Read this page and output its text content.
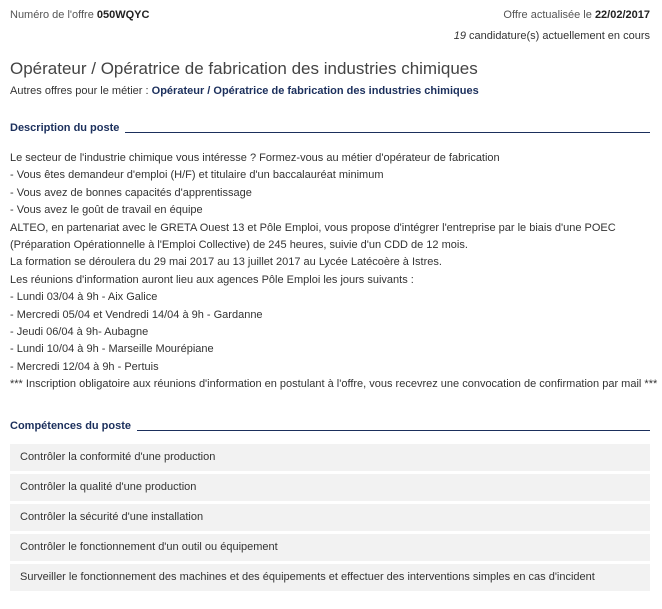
Numéro de l'offre 050WQYC	Offre actualisée le 22/02/2017
19 candidature(s) actuellement en cours
Opérateur / Opératrice de fabrication des industries chimiques
Autres offres pour le métier : Opérateur / Opératrice de fabrication des industries chimiques
Description du poste
Le secteur de l'industrie chimique vous intéresse ? Formez-vous au métier d'opérateur de fabrication
- Vous êtes demandeur d'emploi (H/F) et titulaire d'un baccalauréat minimum
- Vous avez de bonnes capacités d'apprentissage
- Vous avez le goût de travail en équipe
ALTEO, en partenariat avec le GRETA Ouest 13 et Pôle Emploi, vous propose d'intégrer l'entreprise par le biais d'une POEC
(Préparation Opérationnelle à l'Emploi Collective) de 245 heures, suivie d'un CDD de 12 mois.
La formation se déroulera du 29 mai 2017 au 13 juillet 2017 au Lycée Latécoère à Istres.
Les réunions d'information auront lieu aux agences Pôle Emploi les jours suivants :
- Lundi 03/04 à 9h - Aix Galice
- Mercredi 05/04 et Vendredi 14/04 à 9h - Gardanne
- Jeudi 06/04 à 9h- Aubagne
- Lundi 10/04 à 9h - Marseille Mourépiane
- Mercredi 12/04 à 9h - Pertuis
*** Inscription obligatoire aux réunions d'information en postulant à l'offre, vous recevrez une convocation de confirmation par mail ***
Compétences du poste
Contrôler la conformité d'une production
Contrôler la qualité d'une production
Contrôler la sécurité d'une installation
Contrôler le fonctionnement d'un outil ou équipement
Surveiller le fonctionnement des machines et des équipements et effectuer des interventions simples en cas d'incident
